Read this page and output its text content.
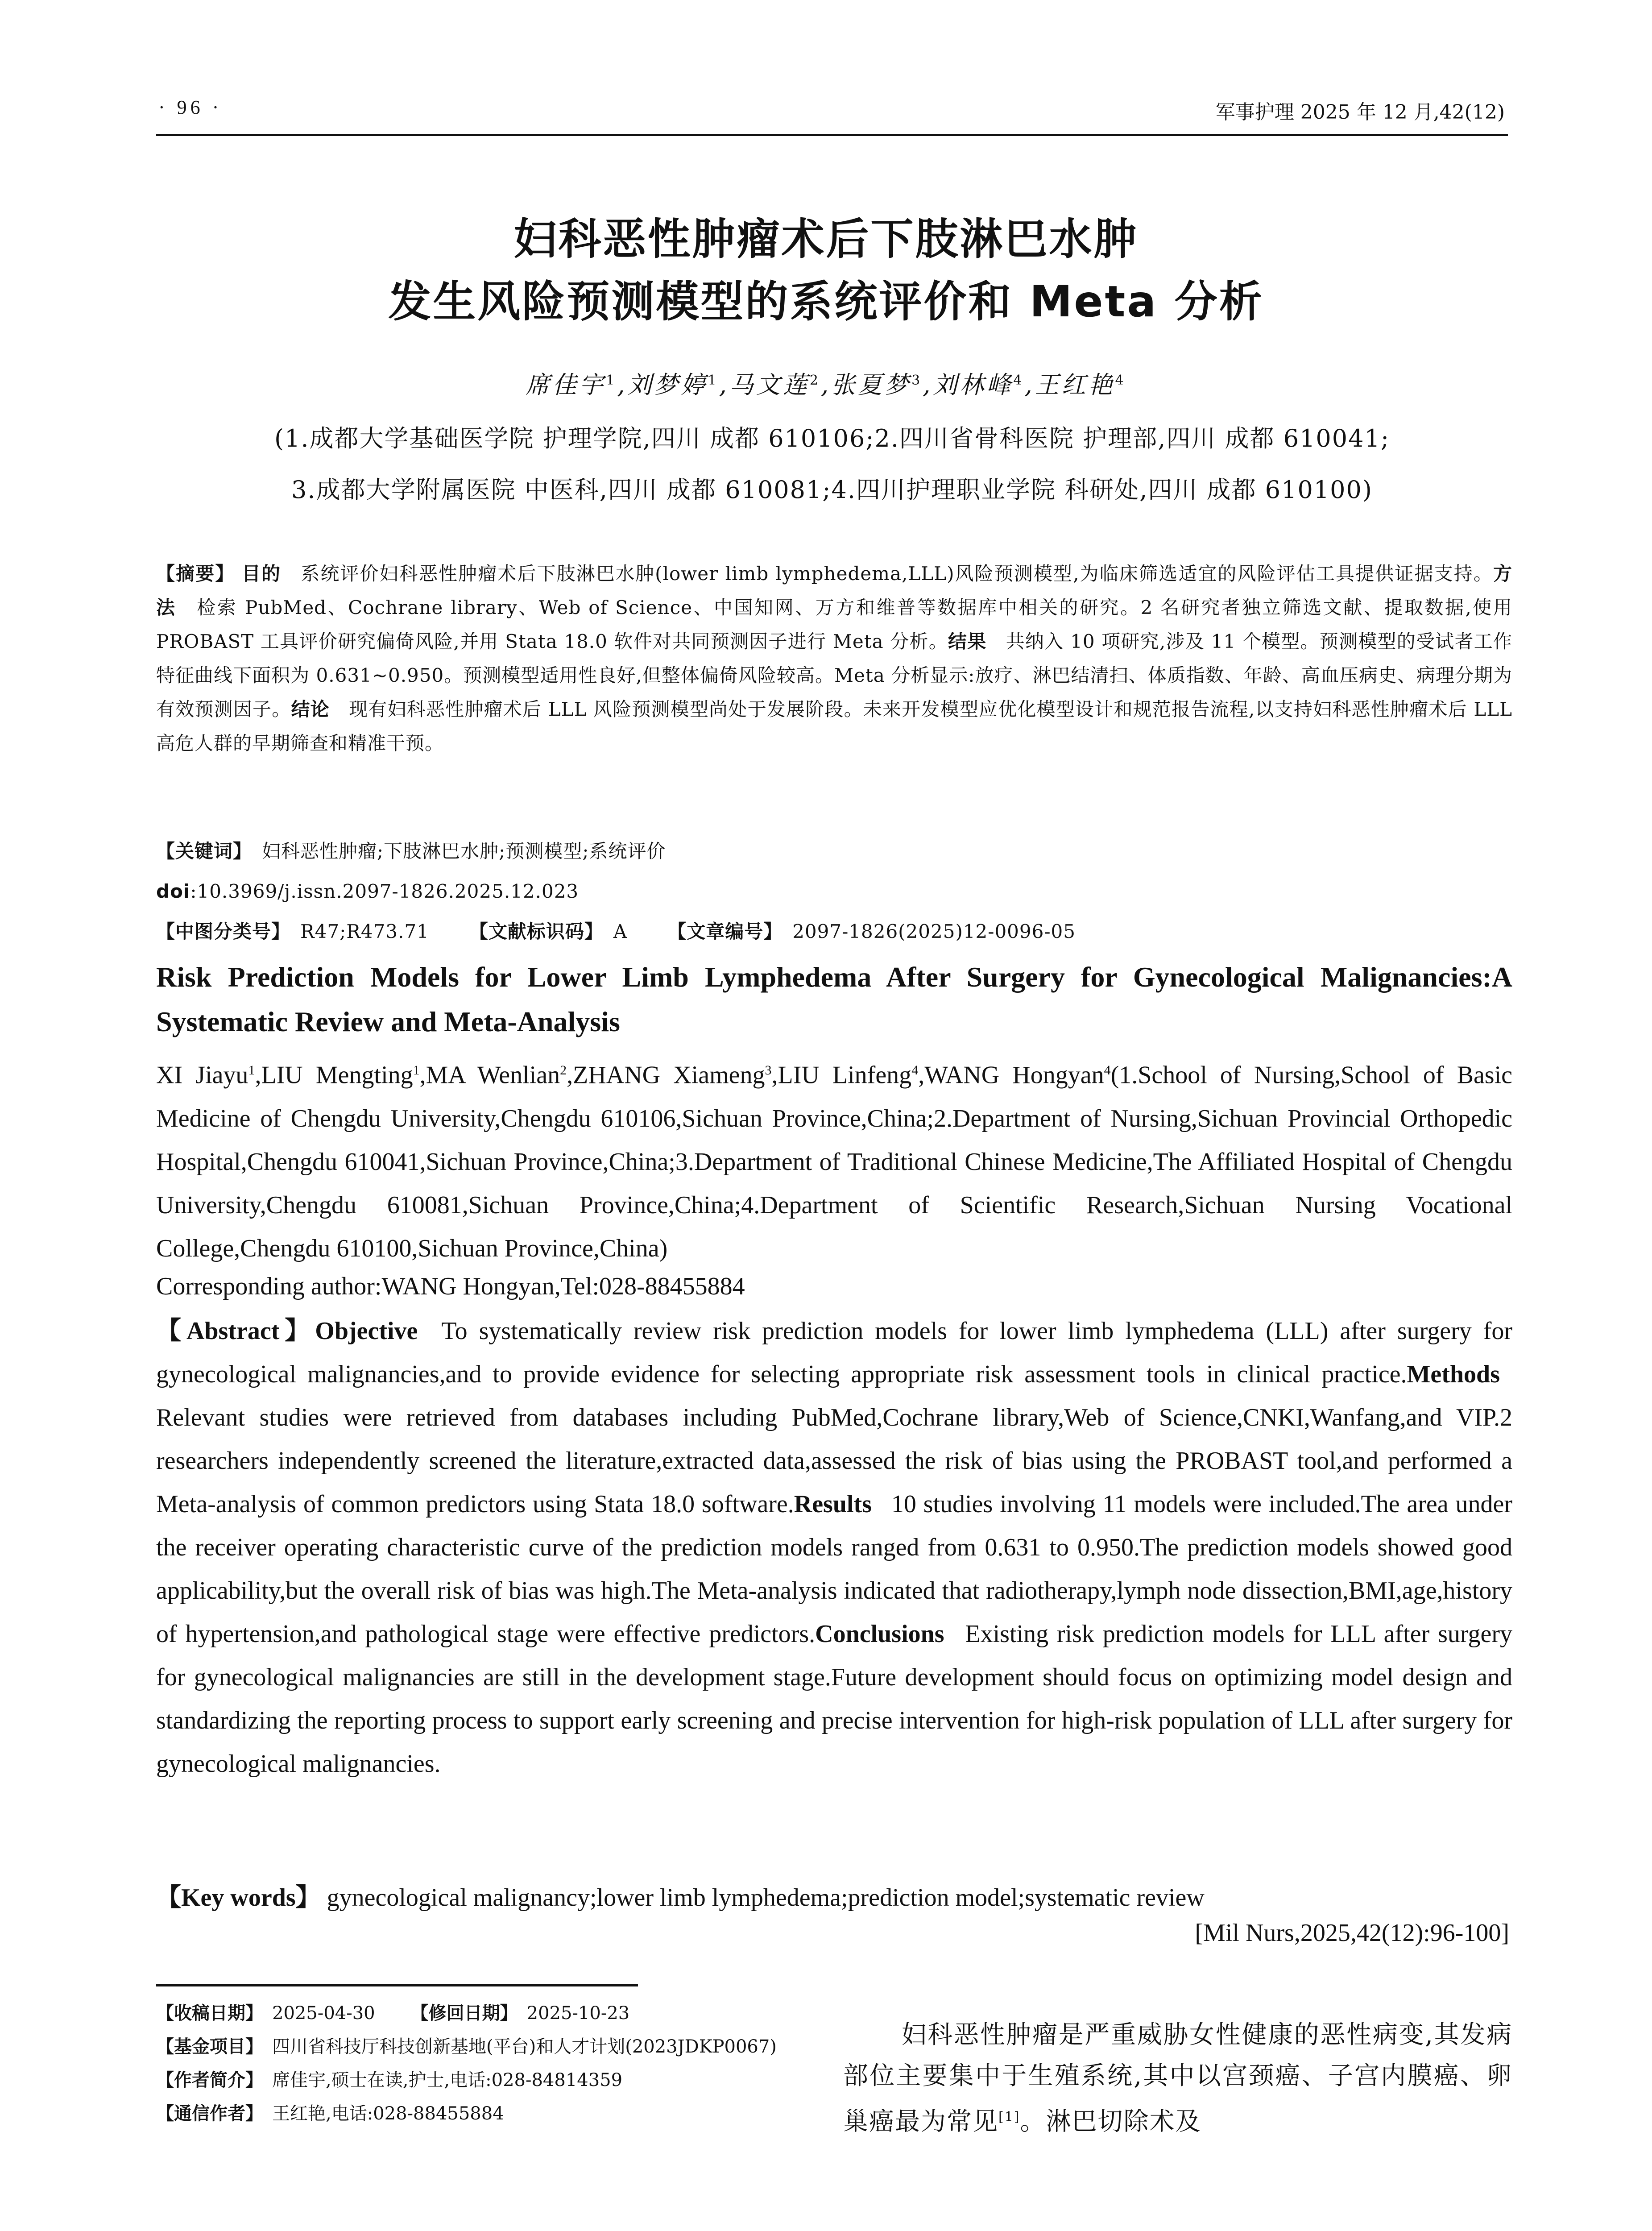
· 96 ·	军事护理 2025 年 12 月,42(12)
妇科恶性肿瘤术后下肢淋巴水肿
发生风险预测模型的系统评价和 Meta 分析
席佳宇$^1$,刘梦婷$^1$,马文莲$^2$,张夏梦$^3$,刘林峰$^4$,王红艳$^4$
(1.成都大学基础医学院 护理学院,四川 成都 610106;2.四川省骨科医院 护理部,四川 成都 610041;
3.成都大学附属医院 中医科,四川 成都 610081;4.四川护理职业学院 科研处,四川 成都 610100)
【摘要】 目的  系统评价妇科恶性肿瘤术后下肢淋巴水肿(lower limb lymphedema,LLL)风险预测模型,为临床筛选适宜的风险评估工具提供证据支持。方法  检索 PubMed、Cochrane library、Web of Science、中国知网、万方和维普等数据库中相关的研究。2 名研究者独立筛选文献、提取数据,使用 PROBAST 工具评价研究偏倚风险,并用 Stata 18.0 软件对共同预测因子进行 Meta 分析。结果  共纳入 10 项研究,涉及 11 个模型。预测模型的受试者工作特征曲线下面积为 0.631~0.950。预测模型适用性良好,但整体偏倚风险较高。Meta 分析显示:放疗、淋巴结清扫、体质指数、年龄、高血压病史、病理分期为有效预测因子。结论  现有妇科恶性肿瘤术后 LLL 风险预测模型尚处于发展阶段。未来开发模型应优化模型设计和规范报告流程,以支持妇科恶性肿瘤术后 LLL 高危人群的早期筛查和精准干预。
【关键词】  妇科恶性肿瘤;下肢淋巴水肿;预测模型;系统评价
doi:10.3969/j.issn.2097-1826.2025.12.023
【中图分类号】  R47;R473.71 【文献标识码】  A 【文章编号】  2097-1826(2025)12-0096-05
Risk Prediction Models for Lower Limb Lymphedema After Surgery for Gynecological Malignancies:A Systematic Review and Meta-Analysis
XI Jiayu$^1$,LIU Mengting$^1$,MA Wenlian$^2$,ZHANG Xiameng$^3$,LIU Linfeng$^4$,WANG Hongyan$^4$(1.School of Nursing,School of Basic Medicine of Chengdu University,Chengdu 610106,Sichuan Province,China;2.Department of Nursing,Sichuan Provincial Orthopedic Hospital,Chengdu 610041,Sichuan Province,China;3.Department of Traditional Chinese Medicine,The Affiliated Hospital of Chengdu University,Chengdu 610081,Sichuan Province,China;4.Department of Scientific Research,Sichuan Nursing Vocational College,Chengdu 610100,Sichuan Province,China)
Corresponding author:WANG Hongyan,Tel:028-88455884
【Abstract】Objective  To systematically review risk prediction models for lower limb lymphedema (LLL) after surgery for gynecological malignancies,and to provide evidence for selecting appropriate risk assessment tools in clinical practice.Methods  Relevant studies were retrieved from databases including PubMed,Cochrane library,Web of Science,CNKI,Wanfang,and VIP.2 researchers independently screened the literature,extracted data,assessed the risk of bias using the PROBAST tool,and performed a Meta-analysis of common predictors using Stata 18.0 software.Results  10 studies involving 11 models were included.The area under the receiver operating characteristic curve of the prediction models ranged from 0.631 to 0.950.The prediction models showed good applicability,but the overall risk of bias was high.The Meta-analysis indicated that radiotherapy,lymph node dissection,BMI,age,history of hypertension,and pathological stage were effective predictors.Conclusions  Existing risk prediction models for LLL after surgery for gynecological malignancies are still in the development stage.Future development should focus on optimizing model design and standardizing the reporting process to support early screening and precise intervention for high-risk population of LLL after surgery for gynecological malignancies.
【Key words】 gynecological malignancy;lower limb lymphedema;prediction model;systematic review
[Mil Nurs,2025,42(12):96-100]
【收稿日期】  2025-04-30   【修回日期】  2025-10-23
【基金项目】  四川省科技厅科技创新基地(平台)和人才计划(2023JDKP0067)
【作者简介】  席佳宇,硕士在读,护士,电话:028-84814359
【通信作者】  王红艳,电话:028-88455884
妇科恶性肿瘤是严重威胁女性健康的恶性病变,其发病部位主要集中于生殖系统,其中以宫颈癌、子宫内膜癌、卵巢癌最为常见[1]。淋巴切除术及
